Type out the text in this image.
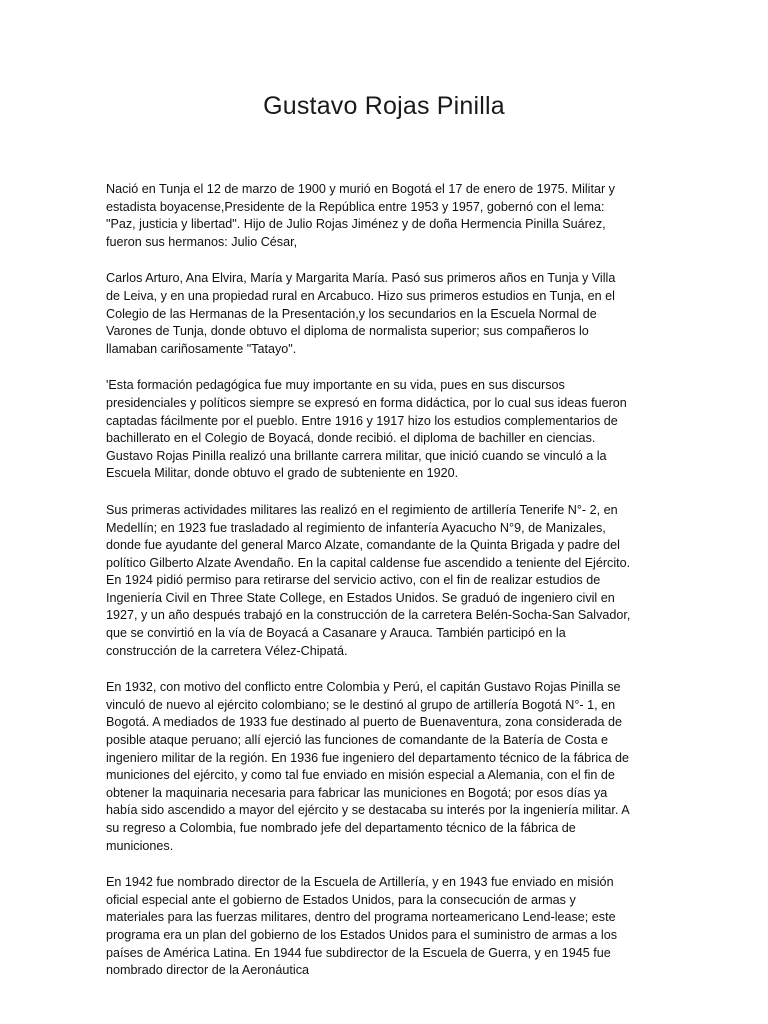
Gustavo Rojas Pinilla

Nació en Tunja el 12 de marzo de 1900 y murió en Bogotá el 17 de enero de 1975. Militar y estadista boyacense,Presidente de la República entre 1953 y 1957, gobernó con el lema: "Paz, justicia y libertad". Hijo de Julio Rojas Jiménez y de doña Hermencia Pinilla Suárez, fueron sus hermanos: Julio César,

Carlos Arturo, Ana Elvira, María y Margarita María. Pasó sus primeros años en Tunja y Villa de Leiva, y en una propiedad rural en Arcabuco. Hizo sus primeros estudios en Tunja, en el Colegio de las Hermanas de la Presentación,y los secundarios en la Escuela Normal de Varones de Tunja, donde obtuvo el diploma de normalista superior; sus compañeros lo llamaban cariñosamente "Tatayo".

'Esta formación pedagógica fue muy importante en su vida, pues en sus discursos presidenciales y políticos siempre se expresó en forma didáctica, por lo cual sus ideas fueron captadas fácilmente por el pueblo. Entre 1916 y 1917 hizo los estudios complementarios de bachillerato en el Colegio de Boyacá, donde recibió. el diploma de bachiller en ciencias. Gustavo Rojas Pinilla realizó una brillante carrera militar, que inició cuando se vinculó a la Escuela Militar, donde obtuvo el grado de subteniente en 1920.

Sus primeras actividades militares las realizó en el regimiento de artillería Tenerife N°- 2, en Medellín; en 1923 fue trasladado al regimiento de infantería Ayacucho N°9, de Manizales, donde fue ayudante del general Marco Alzate, comandante de la Quinta Brigada y padre del político Gilberto Alzate Avendaño. En la capital caldense fue ascendido a teniente del Ejército. En 1924 pidió permiso para retirarse del servicio activo, con el fin de realizar estudios de Ingeniería Civil en Three State College, en Estados Unidos. Se graduó de ingeniero civil en 1927, y un año después trabajó en la construcción de la carretera Belén-Socha-San Salvador, que se convirtió en la vía de Boyacá a Casanare y Arauca. También participó en la construcción de la carretera Vélez-Chipatá.

En 1932, con motivo del conflicto entre Colombia y Perú, el capitán Gustavo Rojas Pinilla se vinculó de nuevo al ejército colombiano; se le destinó al grupo de artillería Bogotá N°- 1, en Bogotá. A mediados de 1933 fue destinado al puerto de Buenaventura, zona considerada de posible ataque peruano; allí ejerció las funciones de comandante de la Batería de Costa e ingeniero militar de la región. En 1936 fue ingeniero del departamento técnico de la fábrica de municiones del ejército, y como tal fue enviado en misión especial a Alemania, con el fin de obtener la maquinaria necesaria para fabricar las municiones en Bogotá; por esos días ya había sido ascendido a mayor del ejército y se destacaba su interés por la ingeniería militar. A su regreso a Colombia, fue nombrado jefe del departamento técnico de la fábrica de municiones.

En 1942 fue nombrado director de la Escuela de Artillería, y en 1943 fue enviado en misión oficial especial ante el gobierno de Estados Unidos, para la consecución de armas y materiales para las fuerzas militares, dentro del programa norteamericano Lend-lease; este programa era un plan del gobierno de los Estados Unidos para el suministro de armas a los países de América Latina. En 1944 fue subdirector de la Escuela de Guerra, y en 1945 fue nombrado director de la Aeronáutica
